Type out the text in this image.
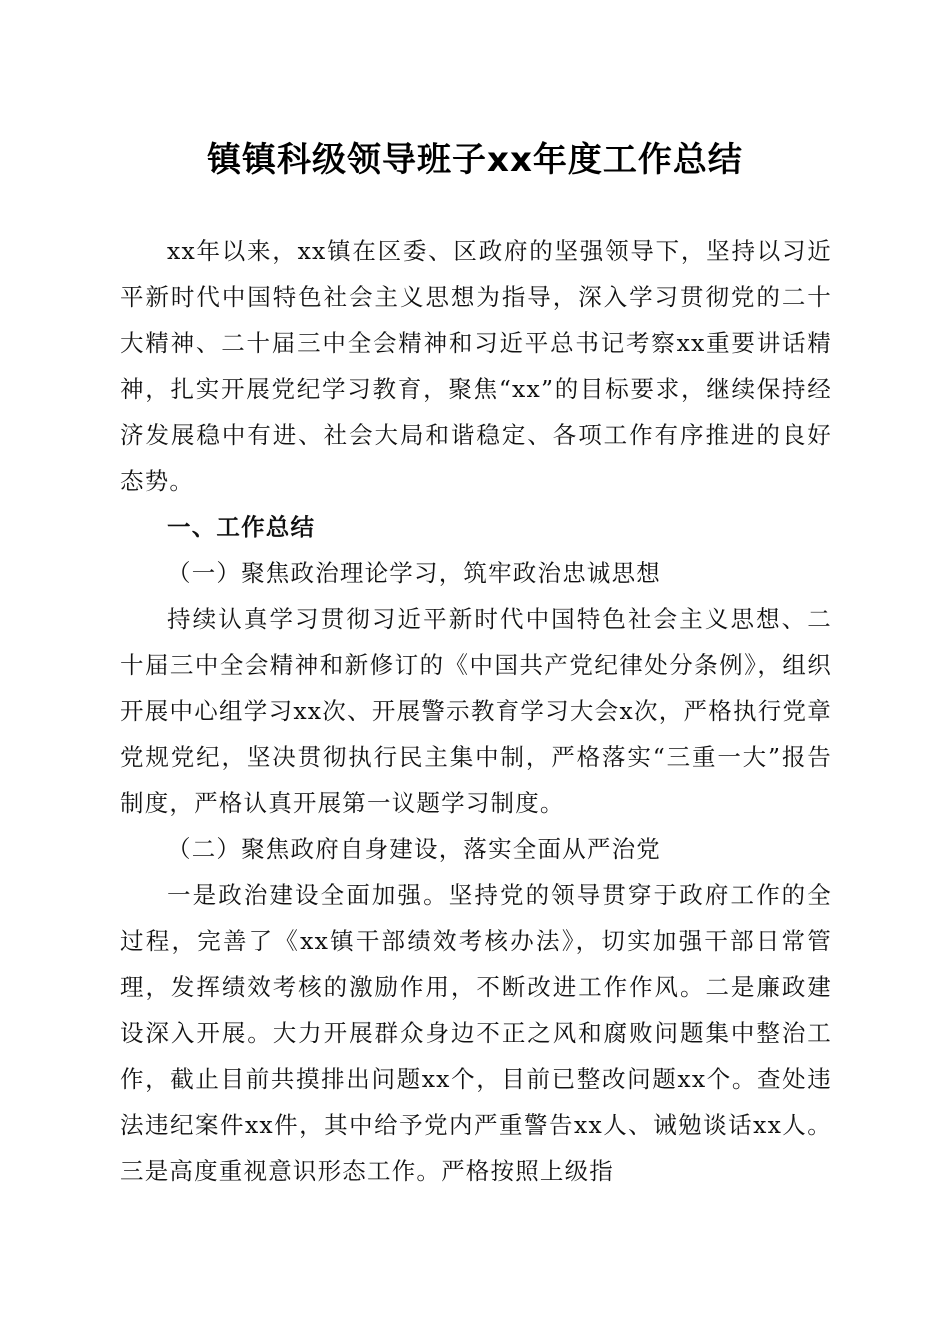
镇镇科级领导班子xx年度工作总结

xx年以来，xx镇在区委、区政府的坚强领导下，坚持以习近平新时代中国特色社会主义思想为指导，深入学习贯彻党的二十大精神、二十届三中全会精神和习近平总书记考察xx重要讲话精神，扎实开展党纪学习教育，聚焦“xx”的目标要求，继续保持经济发展稳中有进、社会大局和谐稳定、各项工作有序推进的良好态势。

一、工作总结

（一）聚焦政治理论学习，筑牢政治忠诚思想

持续认真学习贯彻习近平新时代中国特色社会主义思想、二十届三中全会精神和新修订的《中国共产党纪律处分条例》，组织开展中心组学习xx次、开展警示教育学习大会x次，严格执行党章党规党纪，坚决贯彻执行民主集中制，严格落实“三重一大”报告制度，严格认真开展第一议题学习制度。

（二）聚焦政府自身建设，落实全面从严治党

一是政治建设全面加强。坚持党的领导贯穿于政府工作的全过程，完善了《xx镇干部绩效考核办法》，切实加强干部日常管理，发挥绩效考核的激励作用，不断改进工作作风。二是廉政建设深入开展。大力开展群众身边不正之风和腐败问题集中整治工作，截止目前共摸排出问题xx个，目前已整改问题xx个。查处违法违纪案件xx件，其中给予党内严重警告xx人、诫勉谈话xx人。三是高度重视意识形态工作。严格按照上级指
